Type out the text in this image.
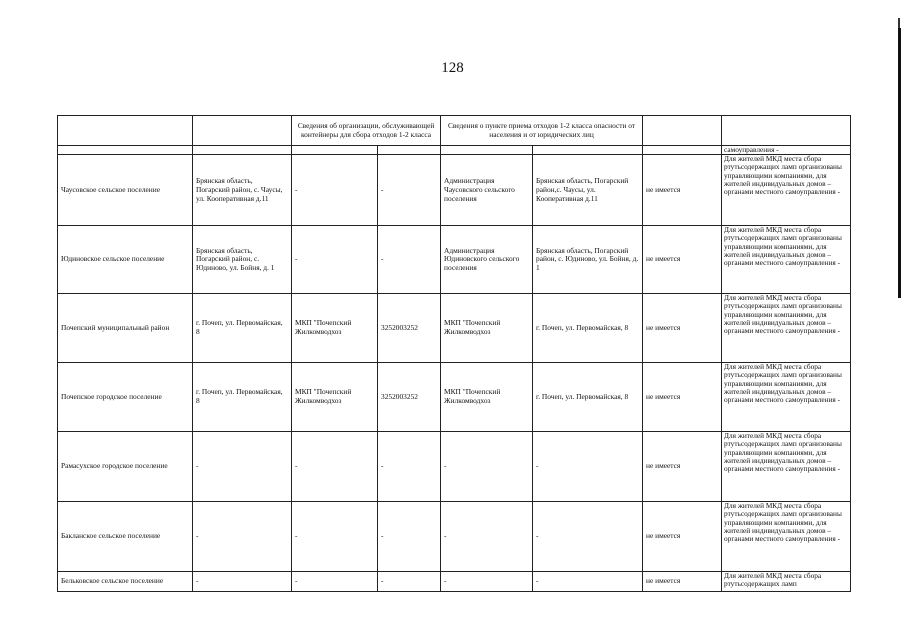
128
		Сведения об организации, обслуживающей контейнеры для сбора отходов 1-2 класса		Сведения о пункте приема отходов 1-2 класса опасности от населения и от юридических лиц			
							самоуправления -
Чаусовское сельское поселение	Брянская область, Погарский район, с. Чаусы, ул. Кооперативная д.11	-	-	Администрация Чаусовского сельского поселения	Брянская область, Погарский район,с. Чаусы, ул. Кооперативная д.11	не имеется	Для жителей МКД места сбора ртутьсодержащих ламп организованы управляющими компаниями, для жителей индивидуальных домов – органами местного самоуправления -
Юдиновское сельское поселение	Брянская область, Погарский район, с. Юдиново, ул. Бойня, д. 1	-	-	Администрация Юдиновского сельского поселения	Брянская область, Погарский район, с. Юдиново, ул. Бойня, д. 1	не имеется	Для жителей МКД места сбора ртутьсодержащих ламп организованы управляющими компаниями, для жителей индивидуальных домов – органами местного самоуправления -
Почепский муниципальный район	г. Почеп, ул. Первомайская, 8	МКП "Почепский Жилкомводхоз	3252003252	МКП "Почепский Жилкомводхоз	г. Почеп, ул. Первомайская, 8	не имеется	Для жителей МКД места сбора ртутьсодержащих ламп организованы управляющими компаниями, для жителей индивидуальных домов – органами местного самоуправления -
Почепское городское поселение	г. Почеп, ул. Первомайская, 8	МКП "Почепский Жилкомводхоз	3252003252	МКП "Почепский Жилкомводхоз	г. Почеп, ул. Первомайская, 8	не имеется	Для жителей МКД места сбора ртутьсодержащих ламп организованы управляющими компаниями, для жителей индивидуальных домов – органами местного самоуправления -
Рамасухское городское поселение	-	-	-	-	-	не имеется	Для жителей МКД места сбора ртутьсодержащих ламп организованы управляющими компаниями, для жителей индивидуальных домов – органами местного самоуправления -
Бакланское сельское поселение	-	-	-	-	-	не имеется	Для жителей МКД места сбора ртутьсодержащих ламп организованы управляющими компаниями, для жителей индивидуальных домов – органами местного самоуправления -
Бельковское сельское поселение	-	-	-	-	-	не имеется	Для жителей МКД места сбора ртутьсодержащих ламп
